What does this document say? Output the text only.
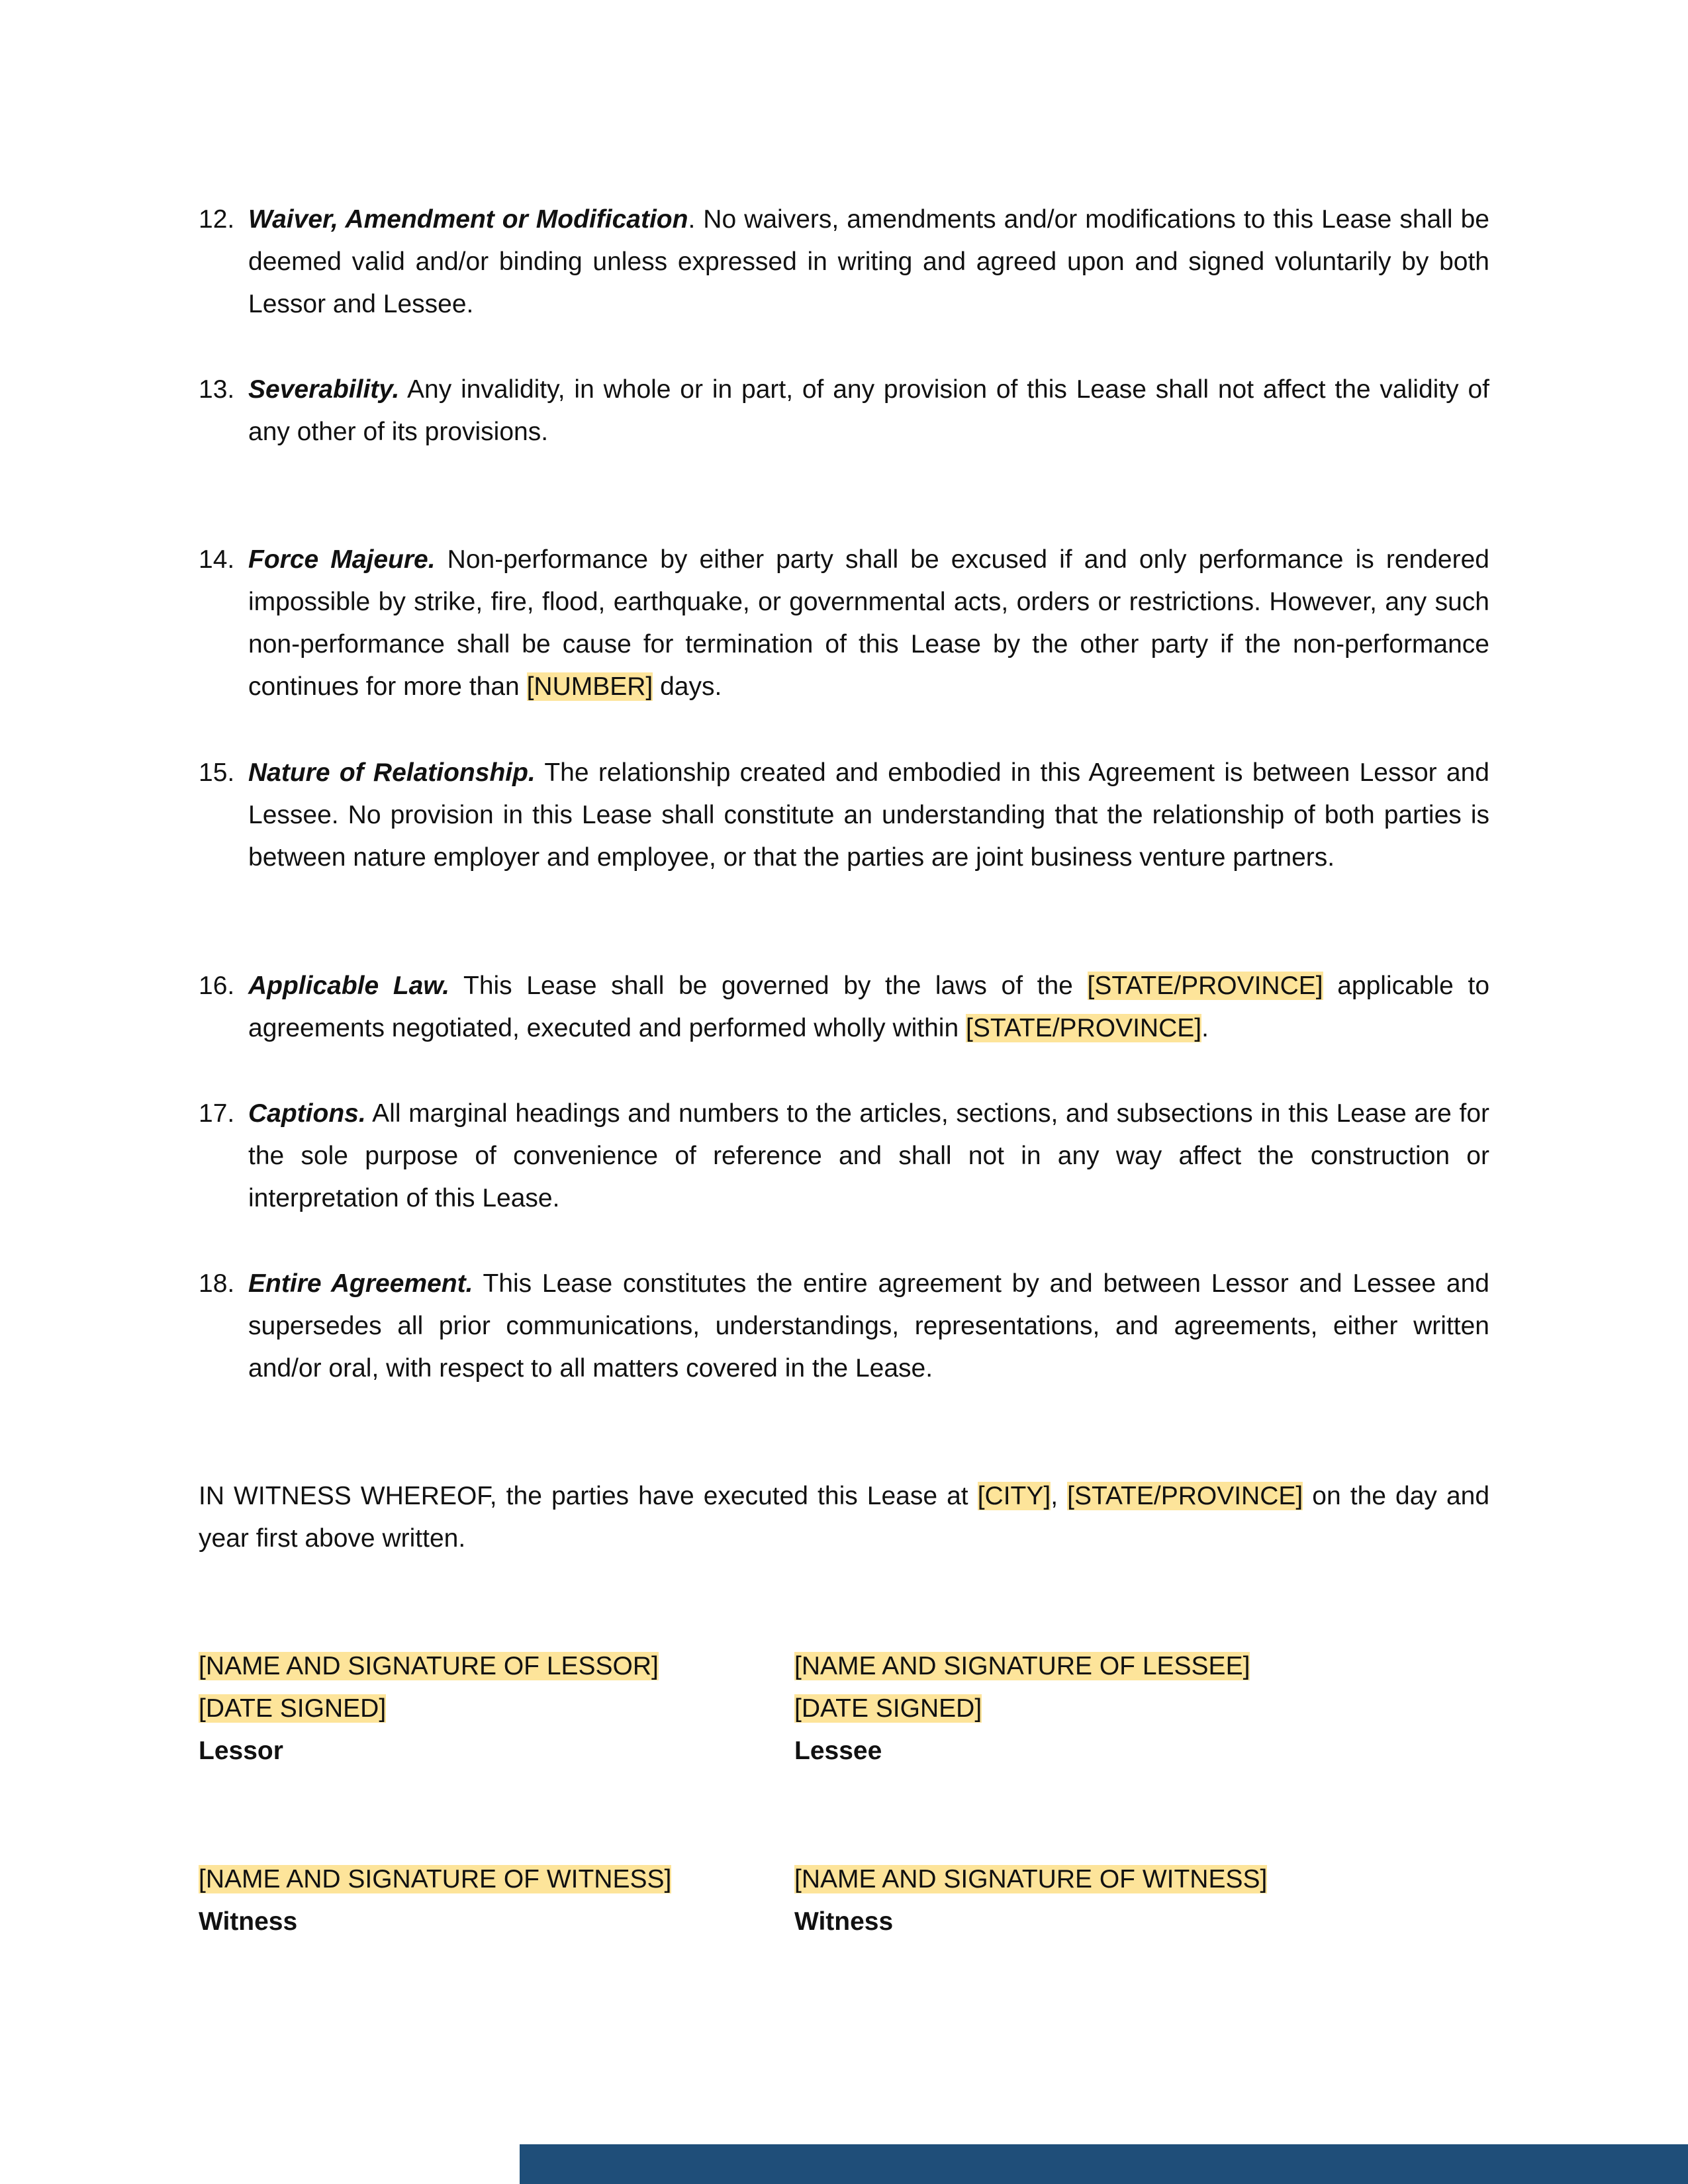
12. Waiver, Amendment or Modification. No waivers, amendments and/or modifications to this Lease shall be deemed valid and/or binding unless expressed in writing and agreed upon and signed voluntarily by both Lessor and Lessee.
13. Severability. Any invalidity, in whole or in part, of any provision of this Lease shall not affect the validity of any other of its provisions.
14. Force Majeure. Non-performance by either party shall be excused if and only performance is rendered impossible by strike, fire, flood, earthquake, or governmental acts, orders or restrictions. However, any such non-performance shall be cause for termination of this Lease by the other party if the non-performance continues for more than [NUMBER] days.
15. Nature of Relationship. The relationship created and embodied in this Agreement is between Lessor and Lessee. No provision in this Lease shall constitute an understanding that the relationship of both parties is between nature employer and employee, or that the parties are joint business venture partners.
16. Applicable Law. This Lease shall be governed by the laws of the [STATE/PROVINCE] applicable to agreements negotiated, executed and performed wholly within [STATE/PROVINCE].
17. Captions. All marginal headings and numbers to the articles, sections, and subsections in this Lease are for the sole purpose of convenience of reference and shall not in any way affect the construction or interpretation of this Lease.
18. Entire Agreement. This Lease constitutes the entire agreement by and between Lessor and Lessee and supersedes all prior communications, understandings, representations, and agreements, either written and/or oral, with respect to all matters covered in the Lease.
IN WITNESS WHEREOF, the parties have executed this Lease at [CITY], [STATE/PROVINCE] on the day and year first above written.
[NAME AND SIGNATURE OF LESSOR]
[DATE SIGNED]
Lessor
[NAME AND SIGNATURE OF LESSEE]
[DATE SIGNED]
Lessee
[NAME AND SIGNATURE OF WITNESS]
Witness
[NAME AND SIGNATURE OF WITNESS]
Witness
